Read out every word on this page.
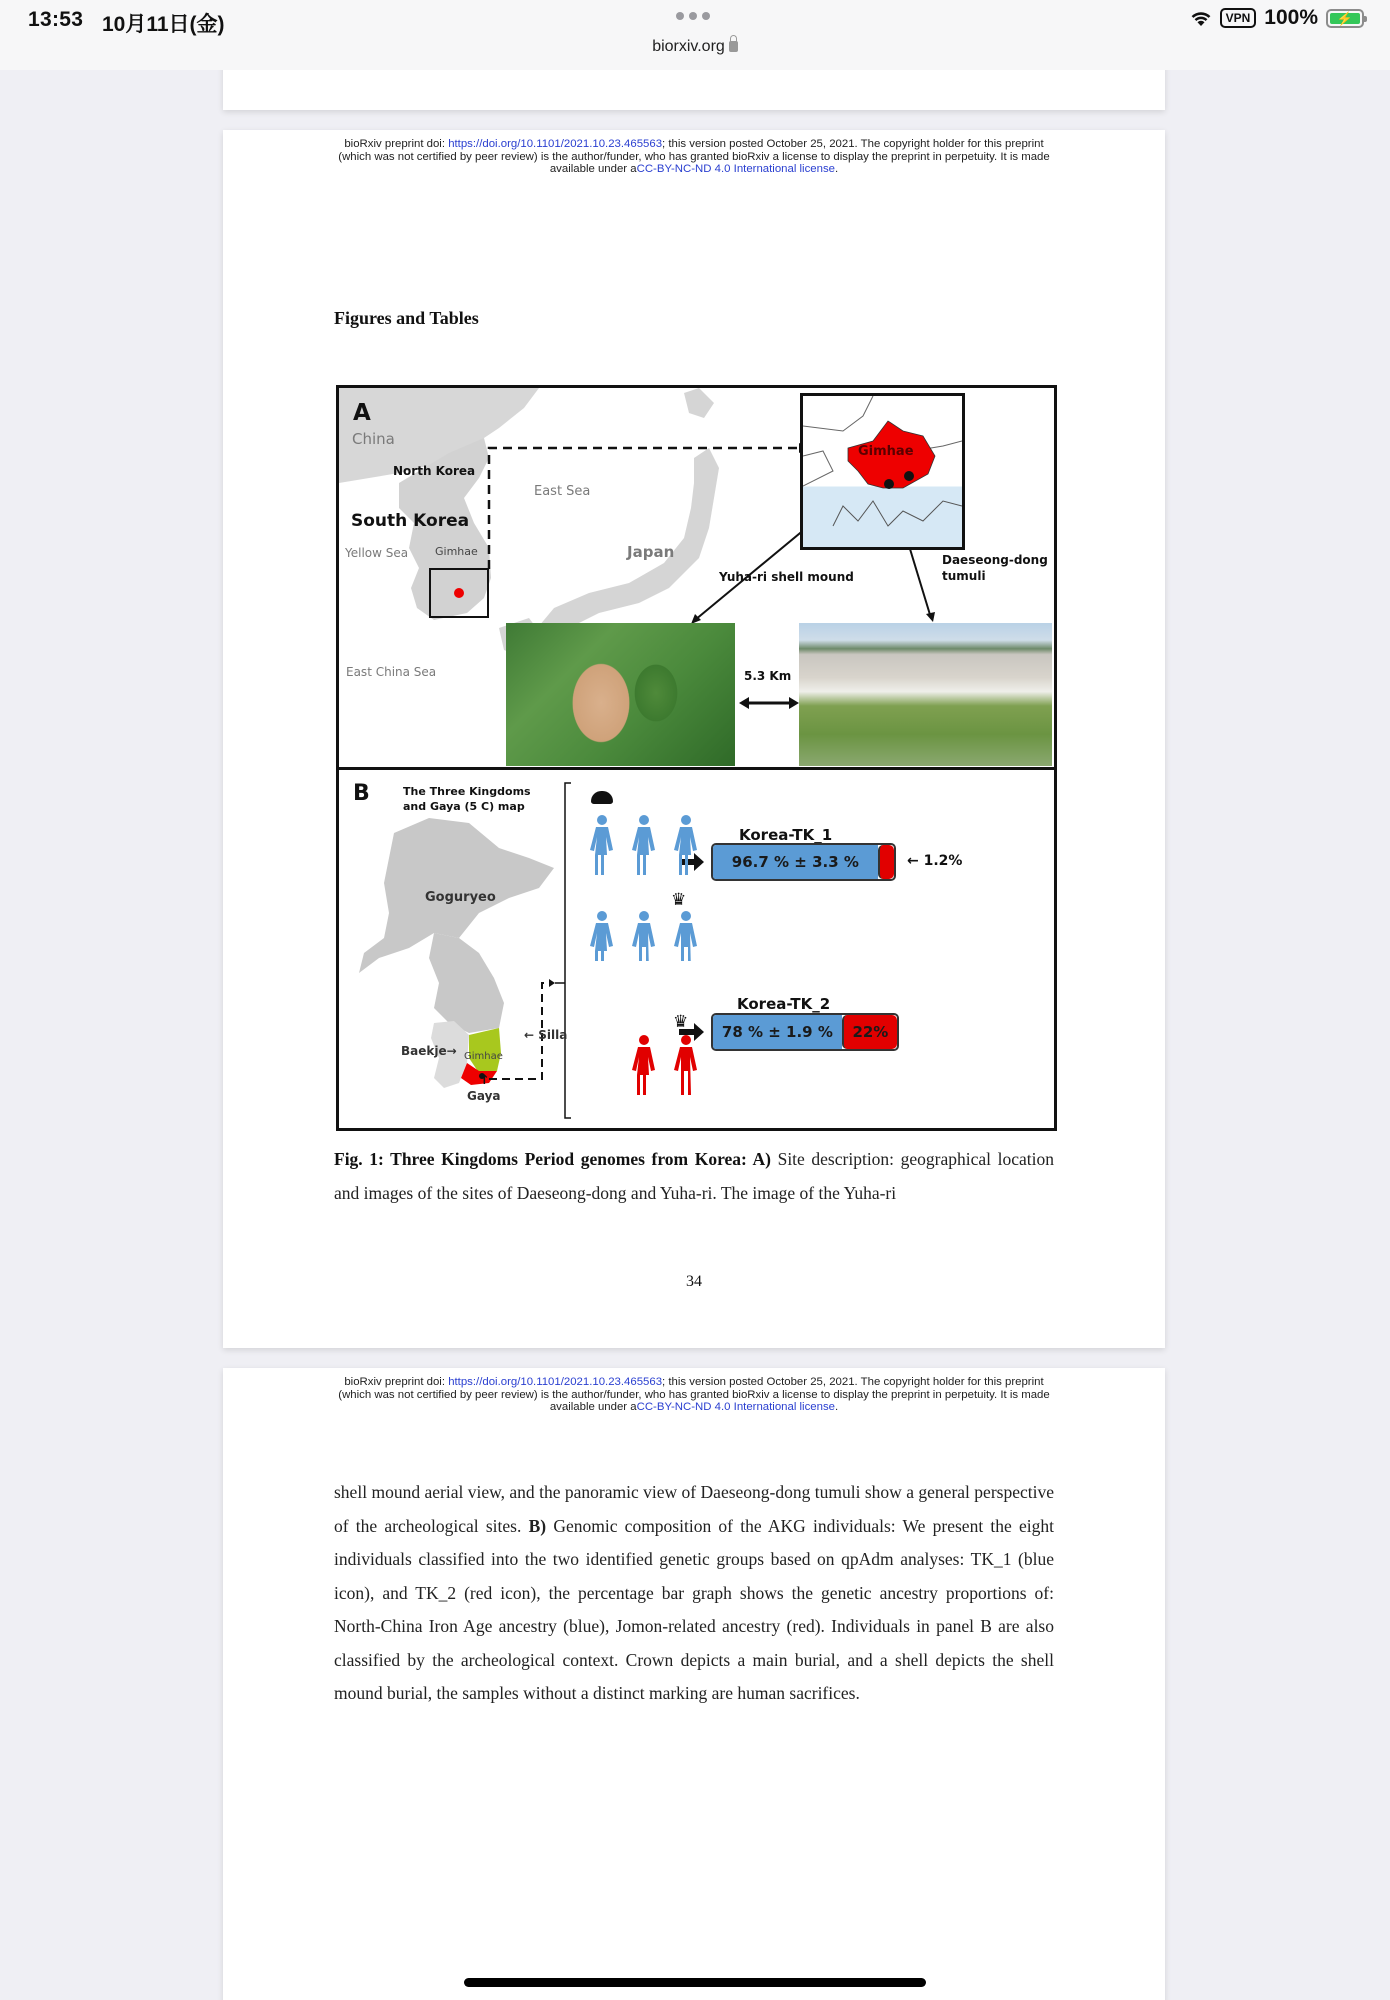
13:53 10月11日(金)
biorxiv.org
VPN 100%	⚡
bioRxiv preprint doi: https://doi.org/10.1101/2021.10.23.465563; this version posted October 25, 2021. The copyright holder for this preprint
(which was not certified by peer review) is the author/funder, who has granted bioRxiv a license to display the preprint in perpetuity. It is made
available under aCC-BY-NC-ND 4.0 International license.
Figures and Tables
Gimhae
A
China
North Korea
South Korea
East Sea
Yellow Sea Gimhae	Japan
East China Sea
Yuha-ri shell mound
Daeseong-dong
tumuli
5.3 Km
♛
♛
B	The Three Kingdoms
and Gaya (5 C) map
Goguryeo
Baekje→
← Silla
Gimhae
↑
Gaya
Korea-TK_1
96.7 % ± 3.3 %	← 1.2%
Korea-TK_2
78 % ± 1.9 %	22%
Fig. 1: Three Kingdoms Period genomes from Korea: A) Site description: geographical location and images of the sites of Daeseong-dong and Yuha-ri. The image of the Yuha-ri
34
bioRxiv preprint doi: https://doi.org/10.1101/2021.10.23.465563; this version posted October 25, 2021. The copyright holder for this preprint
(which was not certified by peer review) is the author/funder, who has granted bioRxiv a license to display the preprint in perpetuity. It is made
available under aCC-BY-NC-ND 4.0 International license.
shell mound aerial view, and the panoramic view of Daeseong-dong tumuli show a general perspective of the archeological sites. B) Genomic composition of the AKG individuals: We present the eight individuals classified into the two identified genetic groups based on qpAdm analyses: TK_1 (blue icon), and TK_2 (red icon), the percentage bar graph shows the genetic ancestry proportions of: North-China Iron Age ancestry (blue), Jomon-related ancestry (red). Individuals in panel B are also classified by the archeological context. Crown depicts a main burial, and a shell depicts the shell mound burial, the samples without a distinct marking are human sacrifices.
